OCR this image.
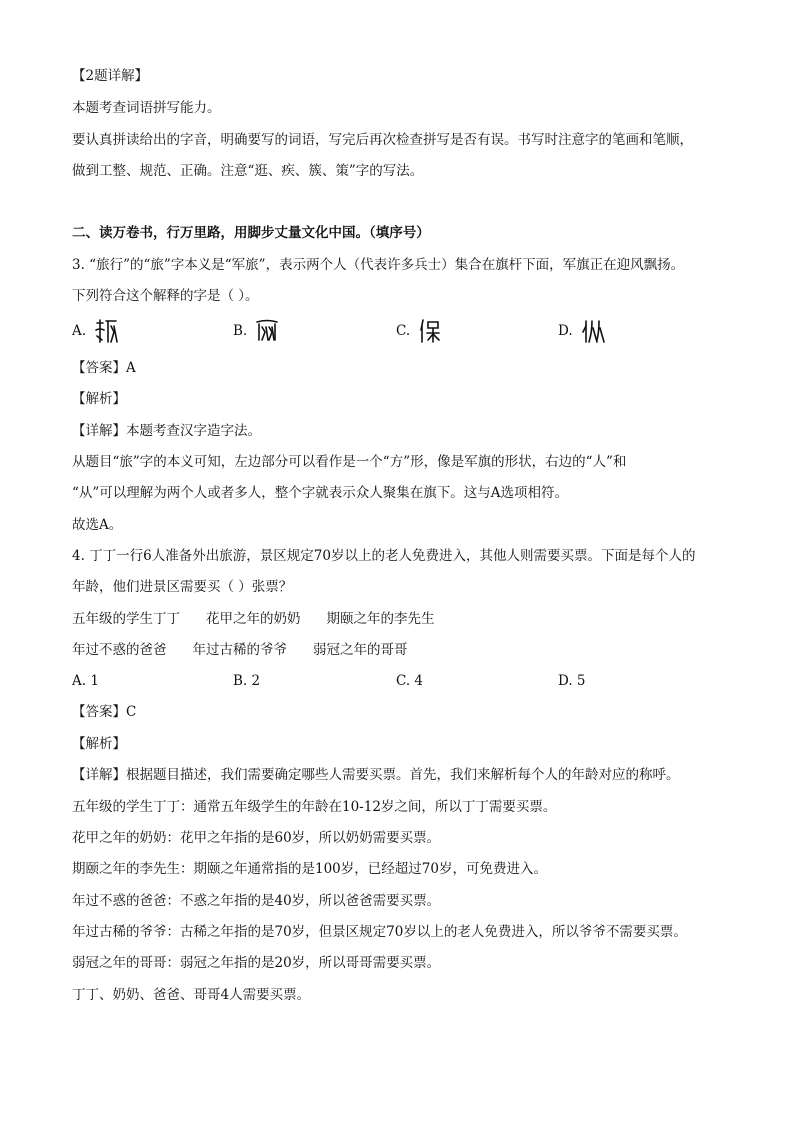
【2题详解】
本题考查词语拼写能力。
要认真拼读给出的字音，明确要写的词语，写完后再次检查拼写是否有误。书写时注意字的笔画和笔顺，
做到工整、规范、正确。注意“逛、疾、簇、策”字的写法。
二、读万卷书，行万里路，用脚步丈量文化中国。（填序号）
3. “旅行”的“旅”字本义是“军旅”，表示两个人（代表许多兵士）集合在旗杆下面，军旗正在迎风飘扬。
下列符合这个解释的字是（ ）。
A.	B.	C.	D.
【答案】A
【解析】
【详解】本题考查汉字造字法。
从题目“旅”字的本义可知，左边部分可以看作是一个“方”形，像是军旗的形状，右边的“人”和
“从”可以理解为两个人或者多人，整个字就表示众人聚集在旗下。这与A选项相符。
故选A。
4. 丁丁一行6人准备外出旅游，景区规定70岁以上的老人免费进入，其他人则需要买票。下面是每个人的
年龄，他们进景区需要买（ ）张票？
五年级的学生丁丁 花甲之年的奶奶 期颐之年的李先生
年过不惑的爸爸 年过古稀的爷爷 弱冠之年的哥哥
A. 1	B. 2	C. 4	D. 5
【答案】C
【解析】
【详解】根据题目描述，我们需要确定哪些人需要买票。首先，我们来解析每个人的年龄对应的称呼。
五年级的学生丁丁：通常五年级学生的年龄在10-12岁之间，所以丁丁需要买票。
花甲之年的奶奶：花甲之年指的是60岁，所以奶奶需要买票。
期颐之年的李先生：期颐之年通常指的是100岁，已经超过70岁，可免费进入。
年过不惑的爸爸：不惑之年指的是40岁，所以爸爸需要买票。
年过古稀的爷爷：古稀之年指的是70岁，但景区规定70岁以上的老人免费进入，所以爷爷不需要买票。
弱冠之年的哥哥：弱冠之年指的是20岁，所以哥哥需要买票。
丁丁、奶奶、爸爸、哥哥4人需要买票。
